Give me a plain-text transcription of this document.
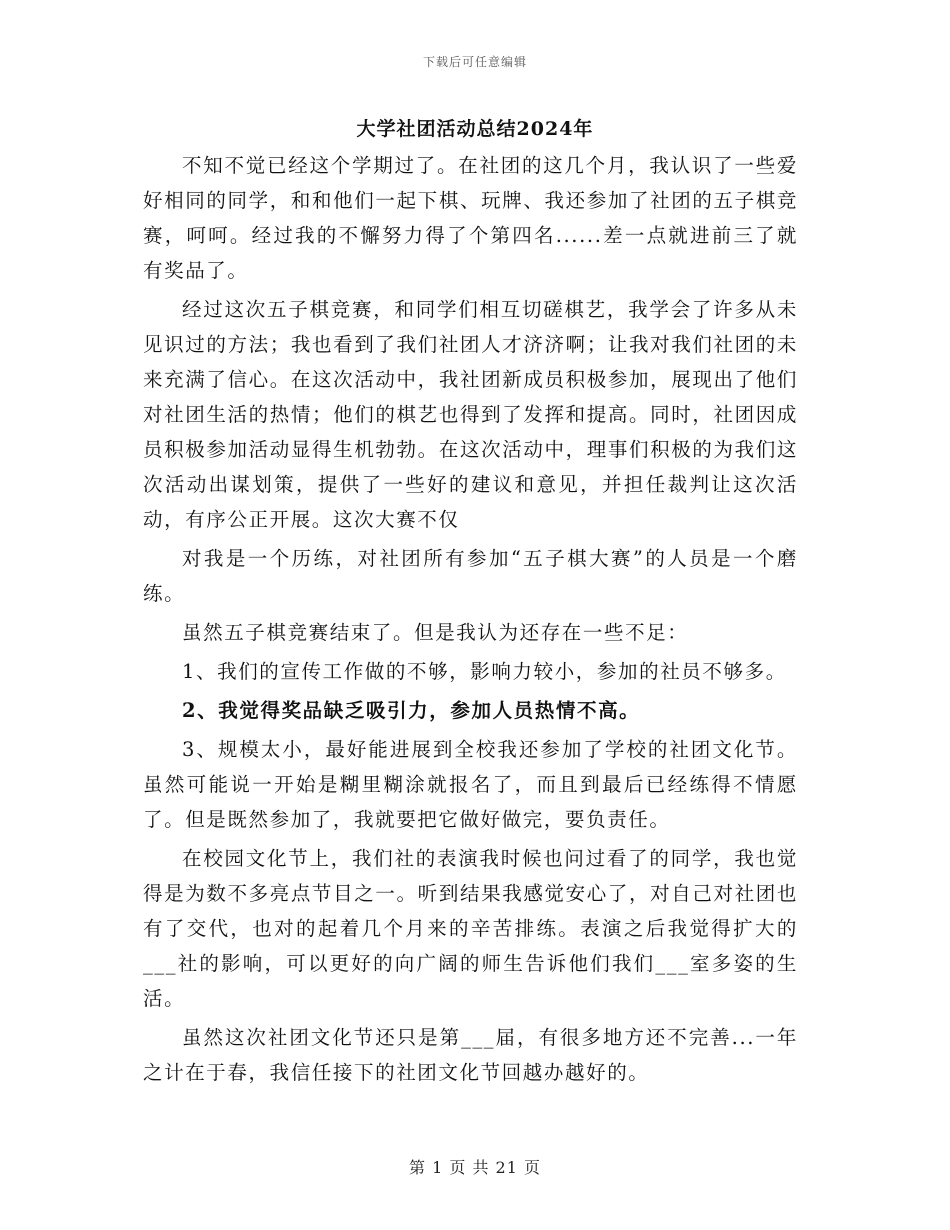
下载后可任意编辑
大学社团活动总结2024年

不知不觉已经这个学期过了。在社团的这几个月，我认识了一些爱好相同的同学，和和他们一起下棋、玩牌、我还参加了社团的五子棋竞赛，呵呵。经过我的不懈努力得了个第四名......差一点就进前三了就有奖品了。

经过这次五子棋竞赛，和同学们相互切磋棋艺，我学会了许多从未见识过的方法；我也看到了我们社团人才济济啊；让我对我们社团的未来充满了信心。在这次活动中，我社团新成员积极参加，展现出了他们对社团生活的热情；他们的棋艺也得到了发挥和提高。同时，社团因成员积极参加活动显得生机勃勃。在这次活动中，理事们积极的为我们这次活动出谋划策，提供了一些好的建议和意见，并担任裁判让这次活动，有序公正开展。这次大赛不仅

对我是一个历练，对社团所有参加“五子棋大赛”的人员是一个磨练。

虽然五子棋竞赛结束了。但是我认为还存在一些不足：

1、我们的宣传工作做的不够，影响力较小，参加的社员不够多。

2、我觉得奖品缺乏吸引力，参加人员热情不高。

3、规模太小，最好能进展到全校我还参加了学校的社团文化节。虽然可能说一开始是糊里糊涂就报名了，而且到最后已经练得不情愿了。但是既然参加了，我就要把它做好做完，要负责任。

在校园文化节上，我们社的表演我时候也问过看了的同学，我也觉得是为数不多亮点节目之一。听到结果我感觉安心了，对自己对社团也有了交代，也对的起着几个月来的辛苦排练。表演之后我觉得扩大的___社的影响，可以更好的向广阔的师生告诉他们我们___室多姿的生活。

虽然这次社团文化节还只是第___届，有很多地方还不完善...一年之计在于春，我信任接下的社团文化节回越办越好的。

第 1 页 共 21 页
